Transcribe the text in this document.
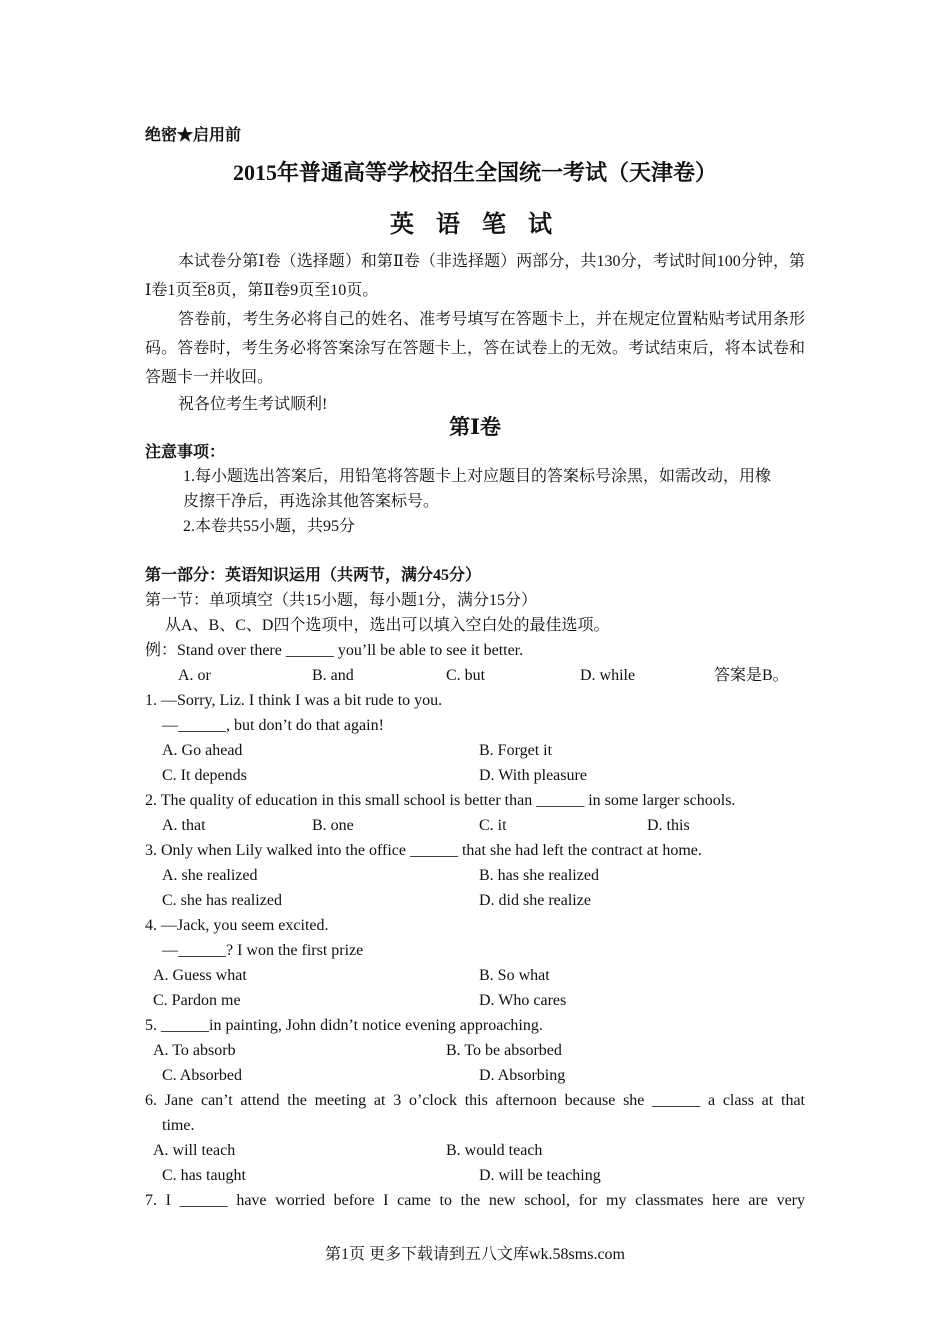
绝密★启用前
2015年普通高等学校招生全国统一考试（天津卷）
英 语 笔 试
本试卷分第Ⅰ卷（选择题）和第Ⅱ卷（非选择题）两部分，共130分，考试时间100分钟，第Ⅰ卷1页至8页，第Ⅱ卷9页至10页。
答卷前，考生务必将自己的姓名、准考号填写在答题卡上，并在规定位置粘贴考试用条形码。答卷时，考生务必将答案涂写在答题卡上，答在试卷上的无效。考试结束后，将本试卷和答题卡一并收回。
祝各位考生考试顺利!
第Ⅰ卷
注意事项：
1.每小题选出答案后，用铅笔将答题卡上对应题目的答案标号涂黑，如需改动，用橡
皮擦干净后，再选涂其他答案标号。
2.本卷共55小题，共95分
第一部分：英语知识运用（共两节，满分45分）
第一节：单项填空（共15小题，每小题1分，满分15分）
从A、B、C、D四个选项中，选出可以填入空白处的最佳选项。
例：Stand over there ______ you’ll be able to see it better.
A. or	B. and	C. but	D. while	答案是B。
1. —Sorry, Liz. I think I was a bit rude to you.
—______, but don’t do that again!
A. Go ahead	B. Forget it
C. It depends	D. With pleasure
2. The quality of education in this small school is better than ______ in some larger schools.
A. that	B. one	C. it	D. this
3. Only when Lily walked into the office ______ that she had left the contract at home.
A. she realized	B. has she realized
C. she has realized	D. did she realize
4. —Jack, you seem excited.
—______? I won the first prize
A. Guess what	B. So what
C. Pardon me	D. Who cares
5. ______in painting, John didn’t notice evening approaching.
A. To absorb	B. To be absorbed
C. Absorbed	D. Absorbing
6. Jane can’t attend the meeting at 3 o’clock this afternoon because she ______ a class at that
time.
A. will teach	B. would teach
C. has taught	D. will be teaching
7. I ______ have worried before I came to the new school, for my classmates here are very
第1页 更多下载请到五八文库wk.58sms.com
